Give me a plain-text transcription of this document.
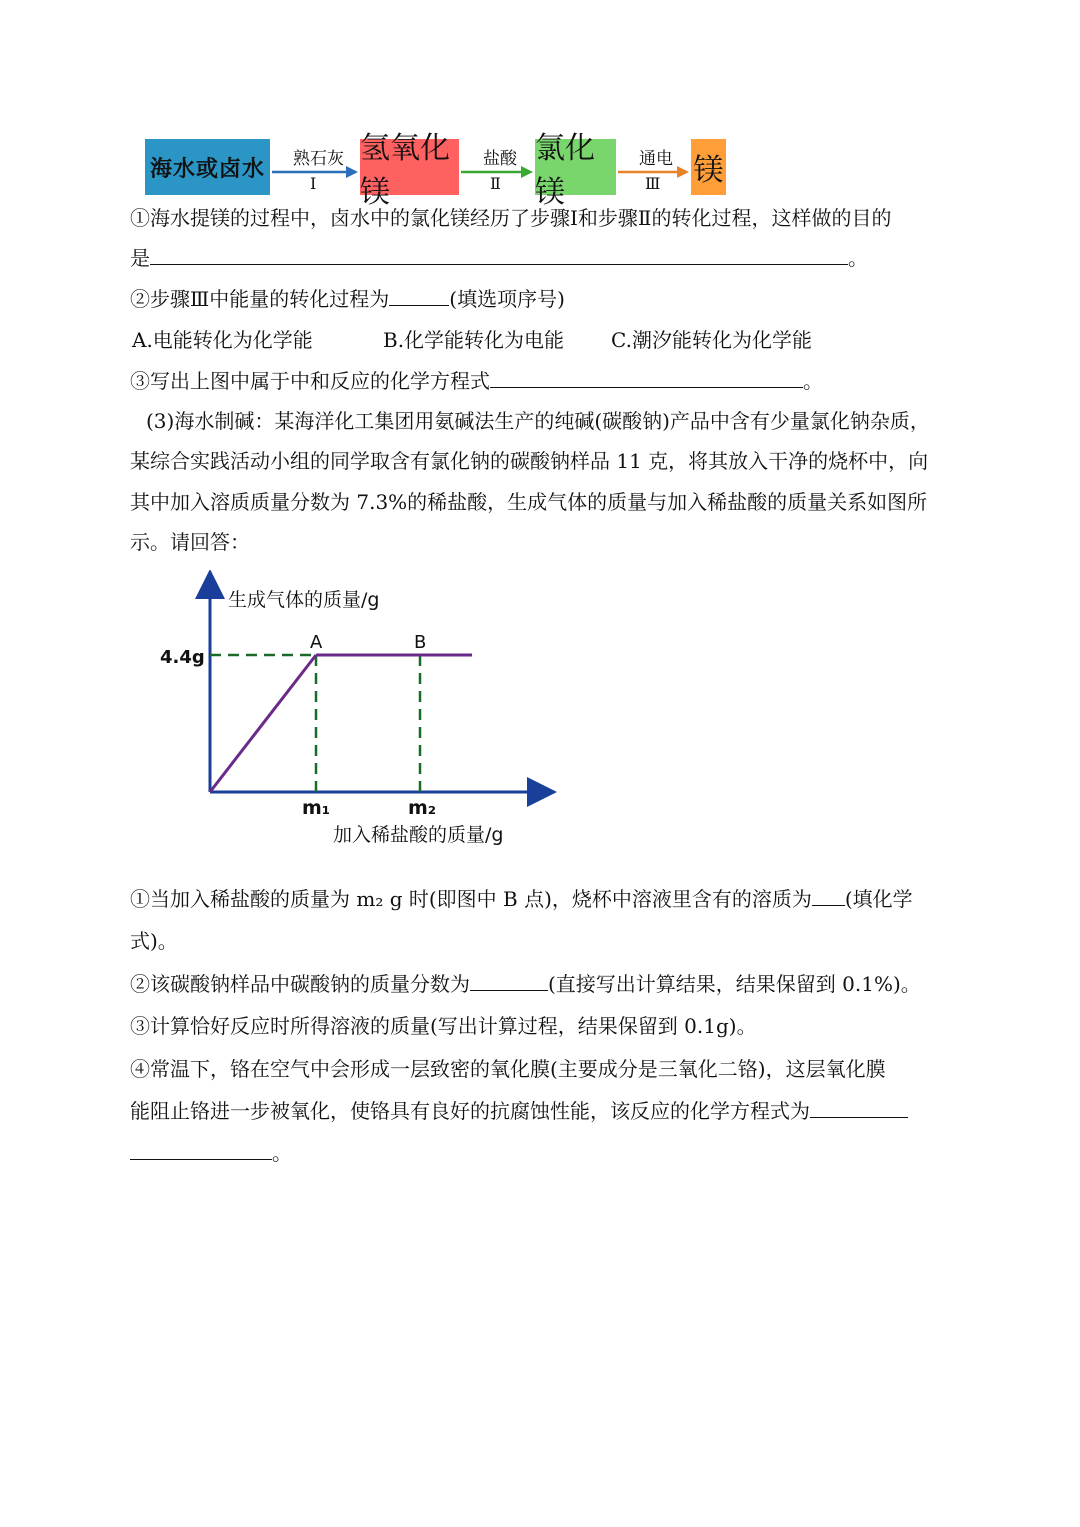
海水或卤水 熟石灰
Ⅰ
氢氧化镁
盐酸
Ⅱ
氯化镁
通电
Ⅲ 镁
①海水提镁的过程中，卤水中的氯化镁经历了步骤Ⅰ和步骤Ⅱ的转化过程，这样做的目的
是	。
②步骤Ⅲ中能量的转化过程为	(填选项序号)
A.电能转化为化学能	B.化学能转化为电能 C.潮汐能转化为化学能
③写出上图中属于中和反应的化学方程式	。
(3)海水制碱：某海洋化工集团用氨碱法生产的纯碱(碳酸钠)产品中含有少量氯化钠杂质，
某综合实践活动小组的同学取含有氯化钠的碳酸钠样品 11 克，将其放入干净的烧杯中，向
其中加入溶质质量分数为 7.3%的稀盐酸，生成气体的质量与加入稀盐酸的质量关系如图所
示。请回答：
生成气体的质量/g
加入稀盐酸的质量/g
4.4g
m₁	m₂
A	B
①当加入稀盐酸的质量为 m₂ g 时(即图中 B 点)，烧杯中溶液里含有的溶质为 (填化学
式)。
②该碳酸钠样品中碳酸钠的质量分数为	(直接写出计算结果，结果保留到 0.1%)。
③计算恰好反应时所得溶液的质量(写出计算过程，结果保留到 0.1g)。
④常温下，铬在空气中会形成一层致密的氧化膜(主要成分是三氧化二铬)，这层氧化膜
能阻止铬进一步被氧化，使铬具有良好的抗腐蚀性能，该反应的化学方程式为
。
